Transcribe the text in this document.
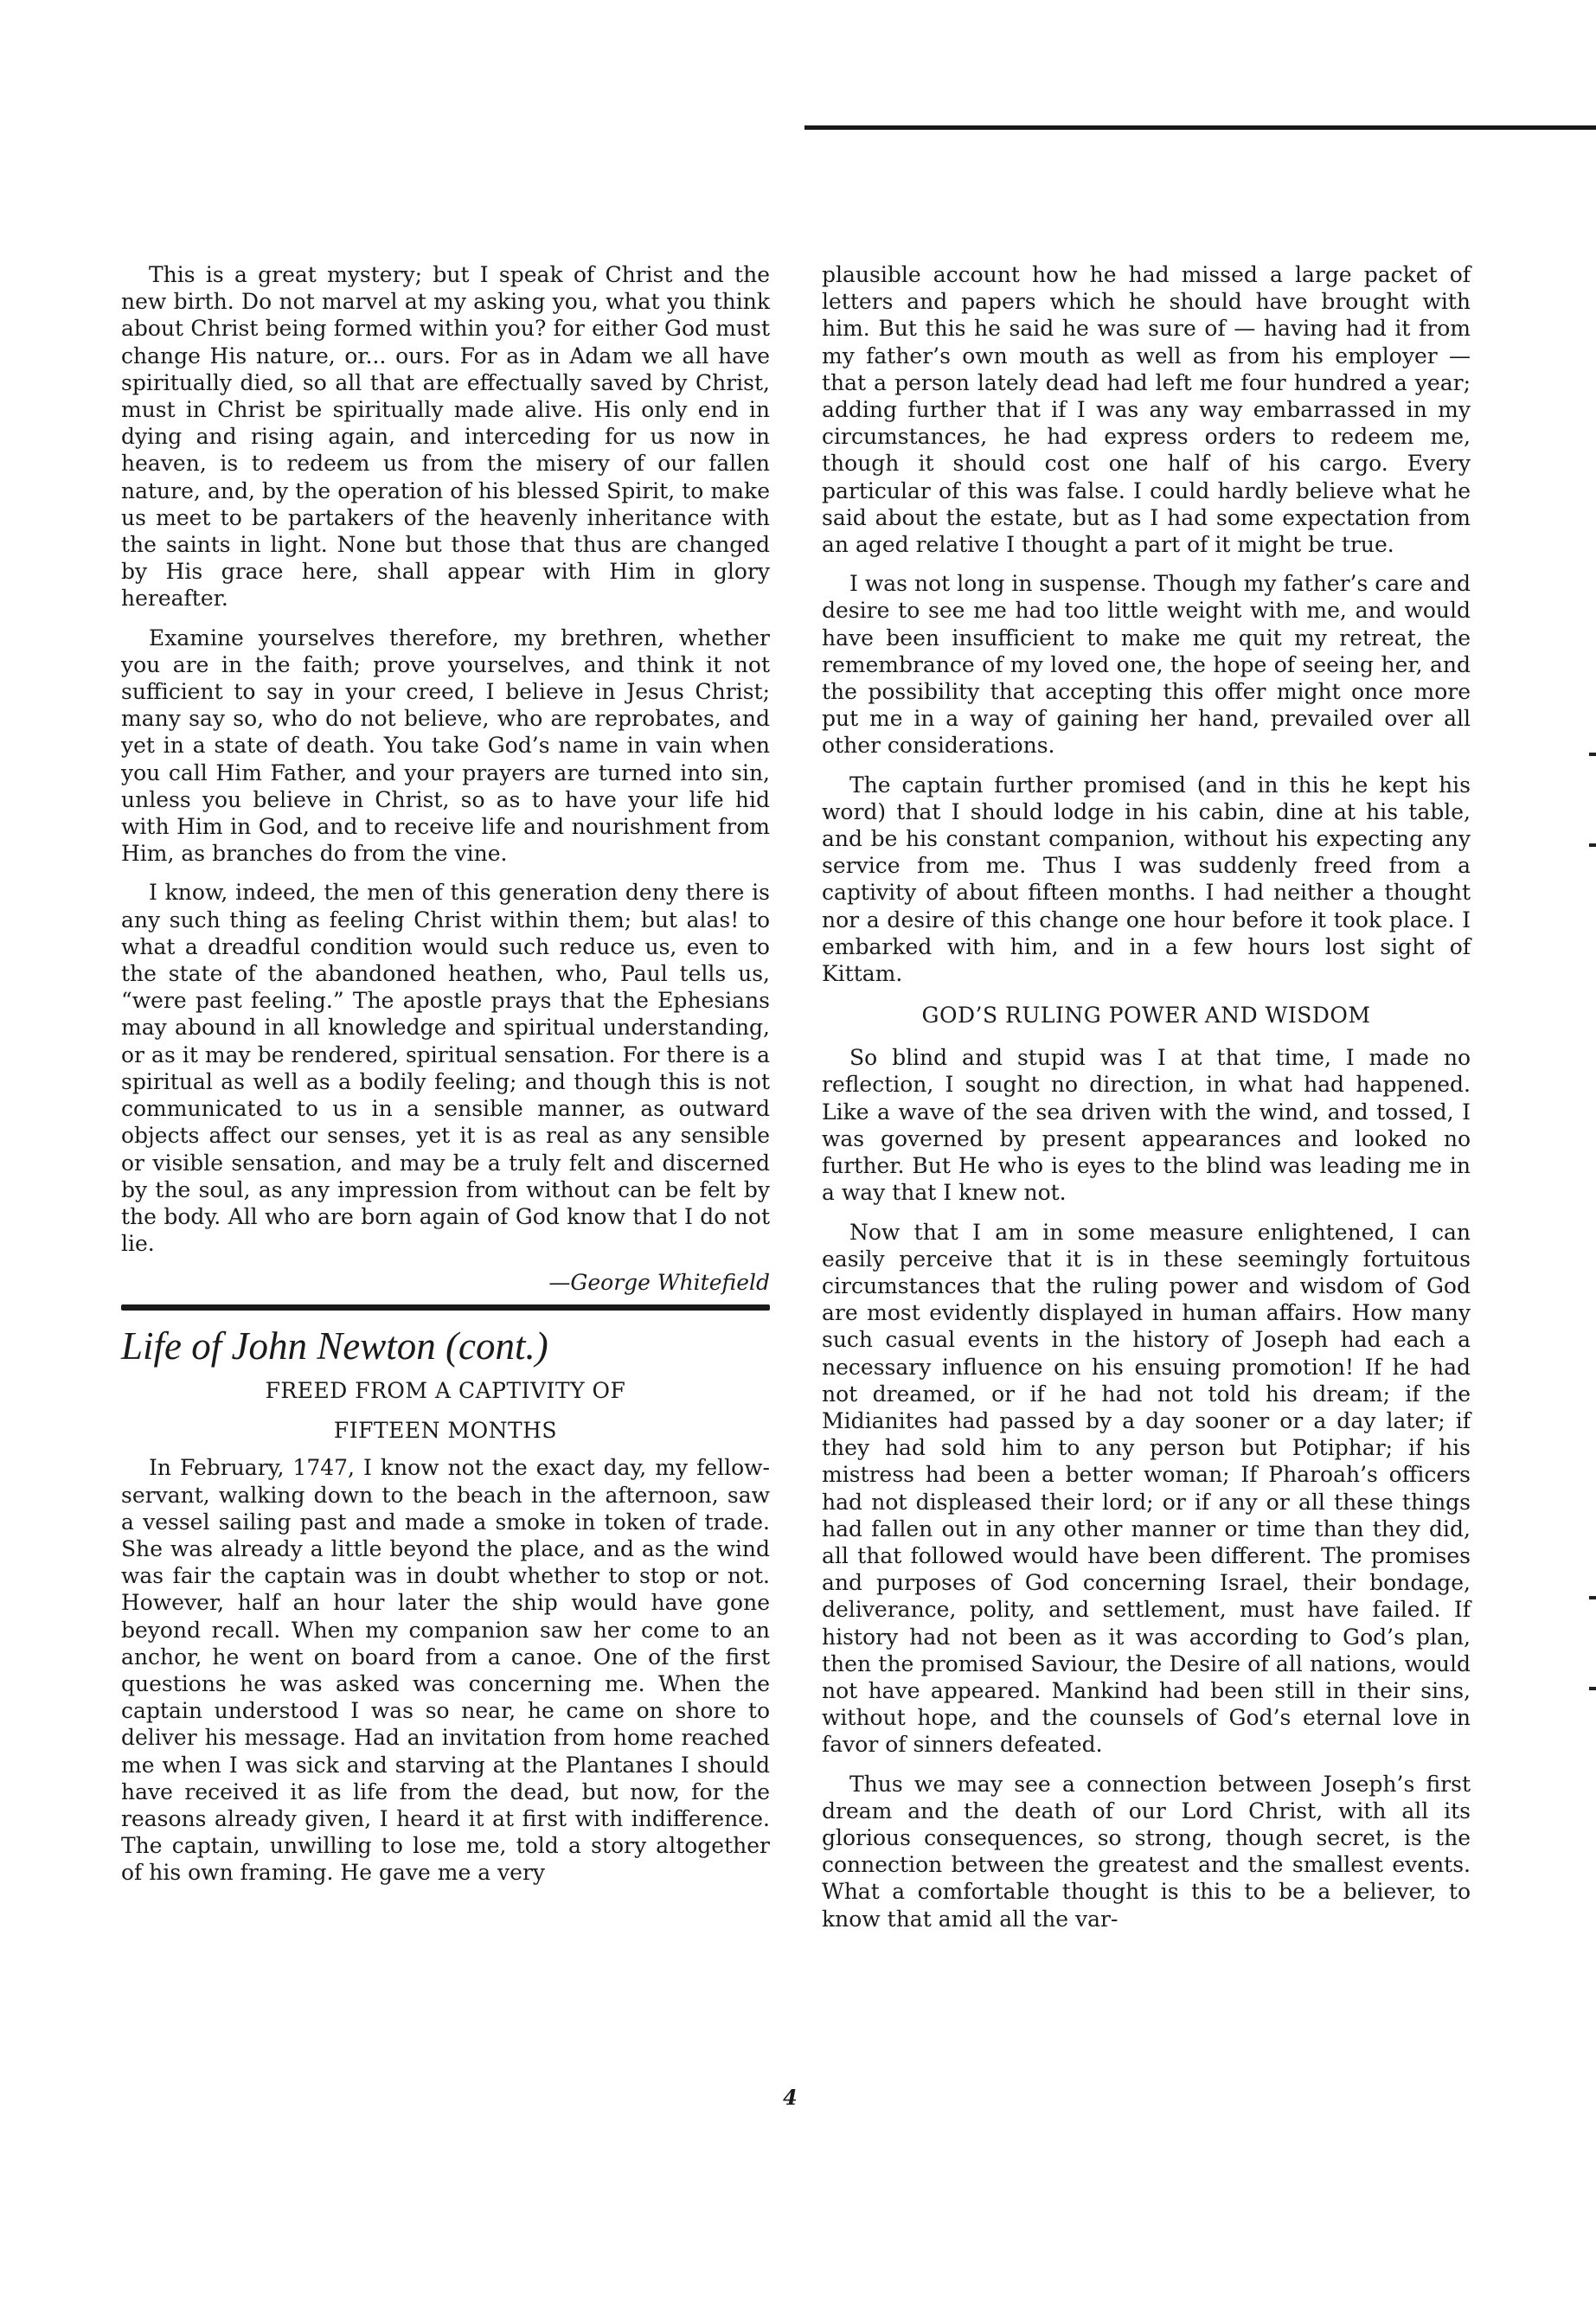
This is a great mystery; but I speak of Christ and the new birth. Do not marvel at my asking you, what you think about Christ being formed within you? for either God must change His nature, or... ours. For as in Adam we all have spiritually died, so all that are effectually saved by Christ, must in Christ be spiritually made alive. His only end in dying and rising again, and interceding for us now in heaven, is to redeem us from the misery of our fallen nature, and, by the operation of his blessed Spirit, to make us meet to be partakers of the heavenly inheritance with the saints in light. None but those that thus are changed by His grace here, shall appear with Him in glory hereafter.

Examine yourselves therefore, my brethren, whether you are in the faith; prove yourselves, and think it not sufficient to say in your creed, I believe in Jesus Christ; many say so, who do not believe, who are reprobates, and yet in a state of death. You take God’s name in vain when you call Him Father, and your prayers are turned into sin, unless you believe in Christ, so as to have your life hid with Him in God, and to receive life and nourishment from Him, as branches do from the vine.

I know, indeed, the men of this generation deny there is any such thing as feeling Christ within them; but alas! to what a dreadful condition would such reduce us, even to the state of the abandoned heathen, who, Paul tells us, “were past feeling.” The apostle prays that the Ephesians may abound in all knowledge and spiritual understanding, or as it may be rendered, spiritual sensation. For there is a spiritual as well as a bodily feeling; and though this is not communicated to us in a sensible manner, as outward objects affect our senses, yet it is as real as any sensible or visible sensation, and may be a truly felt and discerned by the soul, as any impression from without can be felt by the body. All who are born again of God know that I do not lie.

—George Whitefield
Life of John Newton (cont.)
FREED FROM A CAPTIVITY OF
FIFTEEN MONTHS

In February, 1747, I know not the exact day, my fellow-servant, walking down to the beach in the afternoon, saw a vessel sailing past and made a smoke in token of trade. She was already a little beyond the place, and as the wind was fair the captain was in doubt whether to stop or not. However, half an hour later the ship would have gone beyond recall. When my companion saw her come to an anchor, he went on board from a canoe. One of the first questions he was asked was concerning me. When the captain understood I was so near, he came on shore to deliver his message. Had an invitation from home reached me when I was sick and starving at the Plantanes I should have received it as life from the dead, but now, for the reasons already given, I heard it at first with indifference. The captain, unwilling to lose me, told a story altogether of his own framing. He gave me a very

plausible account how he had missed a large packet of letters and papers which he should have brought with him. But this he said he was sure of — having had it from my father’s own mouth as well as from his employer — that a person lately dead had left me four hundred a year; adding further that if I was any way embarrassed in my circumstances, he had express orders to redeem me, though it should cost one half of his cargo. Every particular of this was false. I could hardly believe what he said about the estate, but as I had some expectation from an aged relative I thought a part of it might be true.

I was not long in suspense. Though my father’s care and desire to see me had too little weight with me, and would have been insufficient to make me quit my retreat, the remembrance of my loved one, the hope of seeing her, and the possibility that accepting this offer might once more put me in a way of gaining her hand, prevailed over all other considerations.

The captain further promised (and in this he kept his word) that I should lodge in his cabin, dine at his table, and be his constant companion, without his expecting any service from me. Thus I was suddenly freed from a captivity of about fifteen months. I had neither a thought nor a desire of this change one hour before it took place. I embarked with him, and in a few hours lost sight of Kittam.

GOD’S RULING POWER AND WISDOM

So blind and stupid was I at that time, I made no reflection, I sought no direction, in what had happened. Like a wave of the sea driven with the wind, and tossed, I was governed by present appearances and looked no further. But He who is eyes to the blind was leading me in a way that I knew not.

Now that I am in some measure enlightened, I can easily perceive that it is in these seemingly fortuitous circumstances that the ruling power and wisdom of God are most evidently displayed in human affairs. How many such casual events in the history of Joseph had each a necessary influence on his ensuing promotion! If he had not dreamed, or if he had not told his dream; if the Midianites had passed by a day sooner or a day later; if they had sold him to any person but Potiphar; if his mistress had been a better woman; If Pharoah’s officers had not displeased their lord; or if any or all these things had fallen out in any other manner or time than they did, all that followed would have been different. The promises and purposes of God concerning Israel, their bondage, deliverance, polity, and settlement, must have failed. If history had not been as it was according to God’s plan, then the promised Saviour, the Desire of all nations, would not have appeared. Mankind had been still in their sins, without hope, and the counsels of God’s eternal love in favor of sinners defeated.

Thus we may see a connection between Joseph’s first dream and the death of our Lord Christ, with all its glorious consequences, so strong, though secret, is the connection between the greatest and the smallest events. What a comfortable thought is this to be a believer, to know that amid all the var-

4
